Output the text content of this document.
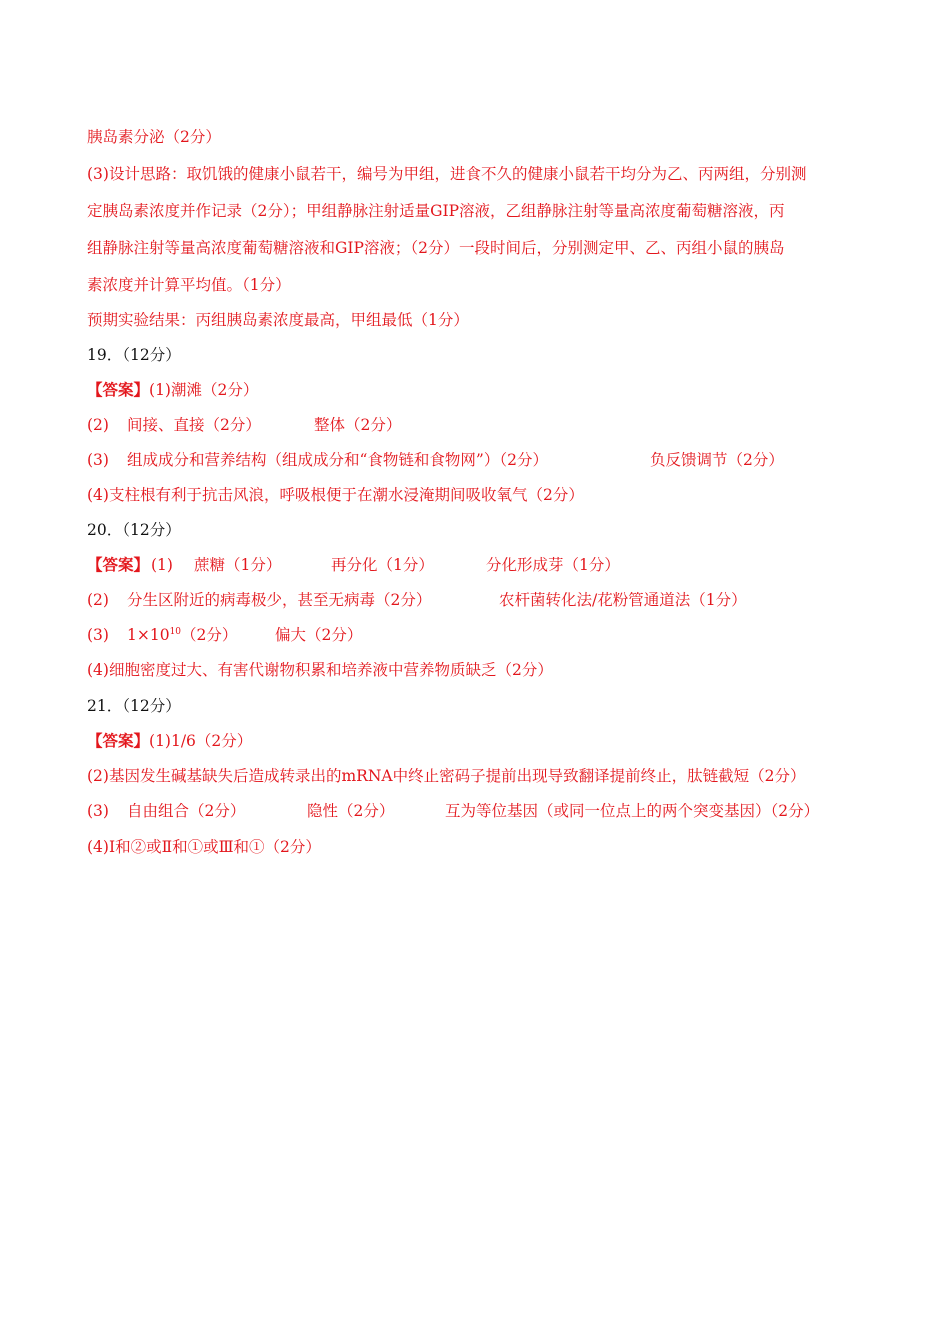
胰岛素分泌（2分）
(3)设计思路：取饥饿的健康小鼠若干，编号为甲组，进食不久的健康小鼠若干均分为乙、丙两组，分别测
定胰岛素浓度并作记录（2分）；甲组静脉注射适量GIP溶液，乙组静脉注射等量高浓度葡萄糖溶液，丙
组静脉注射等量高浓度葡萄糖溶液和GIP溶液；（2分）一段时间后，分别测定甲、乙、丙组小鼠的胰岛
素浓度并计算平均值。（1分）
预期实验结果：丙组胰岛素浓度最高，甲组最低（1分）
19．（12分）
【答案】(1)潮滩（2分）
(2) 间接、直接（2分）	整体（2分）
(3) 组成成分和营养结构（组成成分和“食物链和食物网”）（2分）	负反馈调节（2分）
(4)支柱根有利于抗击风浪，呼吸根便于在潮水浸淹期间吸收氧气（2分）
20．（12分）
【答案】 (1) 蔗糖（1分）	再分化（1分）	分化形成芽（1分）
(2) 分生区附近的病毒极少，甚至无病毒（2分）	农杆菌转化法/花粉管通道法（1分）
(3) $1\times 10^{10}(2$分） 偏大（2分）
(4)细胞密度过大、有害代谢物积累和培养液中营养物质缺乏（2分）
21．（12分）
【答案】(1)1/6（2分）
(2)基因发生碱基缺失后造成转录出的mRNA中终止密码子提前出现导致翻译提前终止，肽链截短（2分）
(3) 自由组合（2分）	隐性（2分）	互为等位基因（或同一位点上的两个突变基因）（2分）
(4)Ⅰ和②或Ⅱ和①或Ⅲ和①（2分）
